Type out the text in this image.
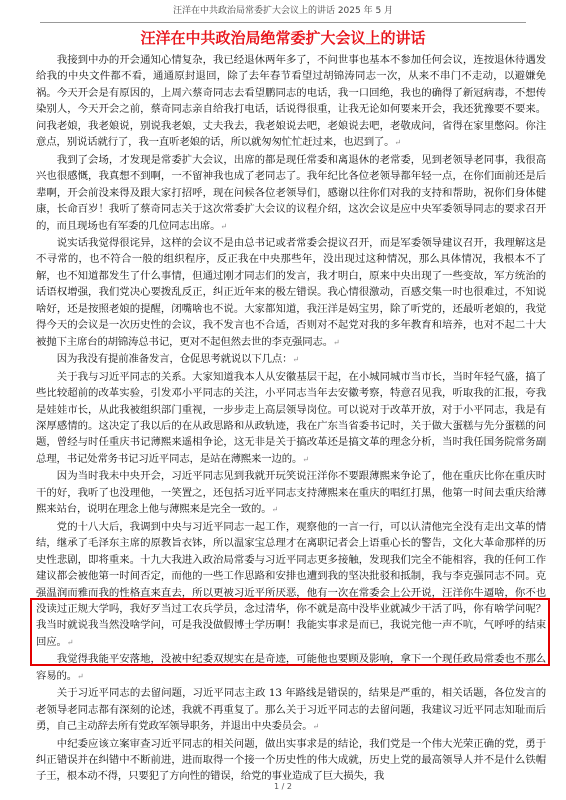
汪洋在中共政治局常委扩大会议上的讲话 2025 年 5 月
汪洋在中共政治局绝常委扩大会议上的讲话

我接到中办的开会通知心情复杂，我已经退休两年多了，不问世事也基本不参加任何会议，连按退休待遇发给我的中央文件都不看，通通原封退回，除了去年春节看望过胡锦涛同志一次，从来不串门不走动，以避嫌免祸。今天开会是有原因的，上周六蔡奇同志去看望鹏同志的电话，我一口回绝，我也的确得了新冠病毒，不想传染别人，今天开会之前，蔡奇同志亲自给我打电话，话说得很重，让我无论如何要来开会，我还犹豫要不要来。问我老娘，我老娘说，别说我老娘，丈夫我去，我老娘说去吧，老娘说去吧，老敬成问，省得在家里憋闷。你注意点，别说话就行了，我一直听老娘的话，所以就匆匆忙忙赶过来，也迟到了。↵

我到了会场，才发现是常委扩大会议，出席的都是现任常委和离退休的老常委，见到老领导老同事，我很高兴也很感慨，我真想不到啊，一不留神我也成了老同志了。我年纪比各位老领导都年轻一点，在你们面前还是后辈啊，开会前没来得及跟大家打招呼，现在问候各位老领导们，感谢以往你们对我的支持和帮助，祝你们身体健康，长命百岁！我听了蔡奇同志关于这次常委扩大会议的议程介绍，这次会议是应中央军委领导同志的要求召开的，而且现场也有军委的几位同志出席。↵

说实话我觉得很诧异，这样的会议不是由总书记或者常委会提议召开，而是军委领导建议召开，我理解这是不寻常的，也不符合一般的组织程序，反正我在中央那些年，没出现过这种情况，那么具体情况，我根本不了解，也不知道都发生了什么事情，但通过刚才同志们的发言，我才明白，原来中央出现了一些变故，军方统治的话语权增强，我们党决心要拨乱反正，纠正近年来的极左错误。我心情很激动，百感交集一时也很难过，不知说啥好，还是按照老娘的提醒，闭嘴啥也不说。大家都知道，我汪洋是妈宝男，除了听党的，还最听老娘的，我觉得今天的会议是一次历史性的会议，我不发言也不合适，否则对不起党对我的多年教育和培养，也对不起二十大被抛下主席台的胡锦涛总书记，更对不起但然去世的李克强同志。↵

因为我没有提前准备发言，仓促思考就说以下几点：↵

关于我与习近平同志的关系。大家知道我本人从安徽基层干起，在小城同城市当市长，当时年轻气盛，搞了些比较超前的改革实验，引发邓小平同志的关注，小平同志当年去安徽考察，特意召见我，听取我的汇报，夸我是娃娃市长，从此我被组织部门重视，一步步走上高层领导岗位。可以说对于改革开放，对于小平同志，我是有深厚感情的。这决定了我以后的在从政思路和从政轨迹，我在广东当省委书记时，关于做大蛋糕与先分蛋糕的问题，曾经与时任重庆书记薄熙来遥相争论，这无非是关于搞改革还是搞文革的理念分析，当时我任国务院常务副总理，书记处常务书记习近平同志，是站在薄熙来一边的。↵

因为当时我未中央开会，习近平同志见到我就开玩笑说汪洋你不要跟薄熙来争论了，他在重庆比你在重庆时干的好，我听了也没理他，一笑置之，还包括习近平同志支持薄熙来在重庆的唱红打黑，他第一时间去重庆给薄熙来站台，说明在理念上他与薄熙来是完全一致的。↵

党的十八大后，我调到中央与习近平同志一起工作，观察他的一言一行，可以认清他完全没有走出文革的情结，继承了毛泽东主席的原教旨衣钵，所以温家宝总理才在离职记者会上语重心长的警告，文化大革命那样的历史性悲剧，即将重来。十九大我进入政治局常委与习近平同志更多接触，发现我们完全不能相容，我的任何工作建议都会被他第一时间否定，而他的一些工作思路和安排也遭到我的坚决批驳和抵制，我与李克强同志不同。克强温润而雅而我的性格直来直去，所以更被习近平所厌恶，他有一次在常委会上公开说，汪洋你牛逼啥，你不也没读过正规大学吗，我好歹当过工农兵学员，念过清华，你不就是高中没毕业就减少干活了吗，你有啥学问呢？我当时就说我当然没啥学问，可是我没做假博士学历啊！我能实事求是而已，我说完他一声不吭，气呼呼的结束回应。↵

我觉得我能平安落地，没被中纪委双规实在是奇迹，可能他也要顾及影响，拿下一个现任政局常委也不那么容易的。↵

关于习近平同志的去留问题，习近平同志主政 13 年路线是错误的，结果是严重的，相关话题，各位发言的老领导老同志都有深刻的论述，我就不再重复了。那么关于习近平同志的去留问题，我建议习近平同志知耻而后勇，自己主动辞去所有党政军领导职务，并退出中央委员会。↵

中纪委应该立案审查习近平同志的相关问题，做出实事求是的结论，我们党是一个伟大光荣正确的党，勇于纠正错误并在纠错中不断前进，进而取得一个接一个历史性的伟大成就，历史上党的最高领导人并不是什么铁帽子王，根本动不得，只要犯了方向性的错误，给党的事业造成了巨大损失，我

1 / 2
